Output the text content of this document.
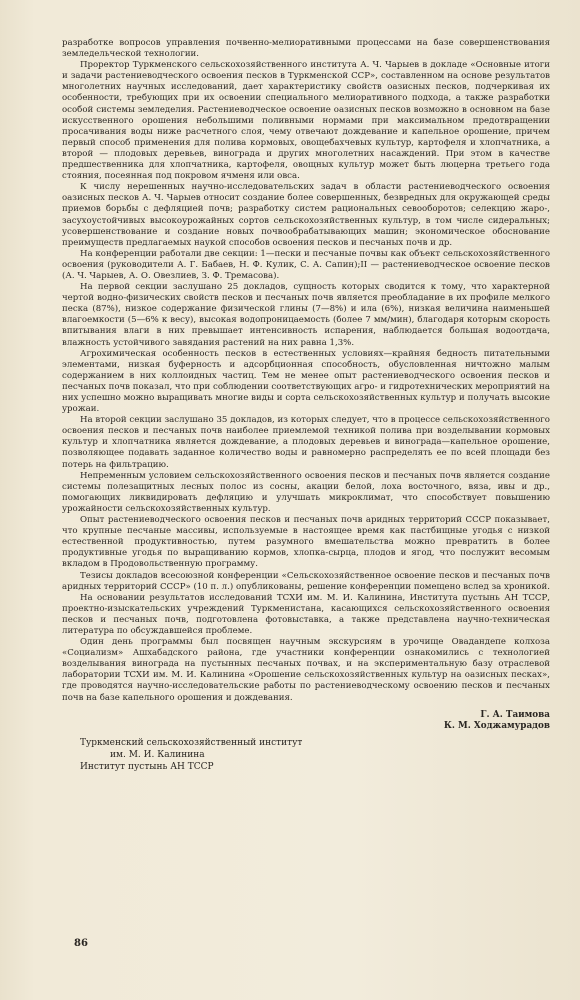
разработке вопросов управления почвенно-мелиоративными процессами на базе совершенствования земледельческой технологии.

Проректор Туркменского сельскохозяйственного института А. Ч. Чарыев в докладе «Основные итоги и задачи растениеводческого освоения песков в Туркменской ССР», составленном на основе результатов многолетних научных исследований, дает характеристику свойств оазисных песков, подчеркивая их особенности, требующих при их освоении специального мелиоративного подхода, а также разработки особой системы земледелия. Растениеводческое освоение оазисных песков возможно в основном на базе искусственного орошения небольшими поливными нормами при максимальном предотвращении просачивания воды ниже расчетного слоя, чему отвечают дождевание и капельное орошение, причем первый способ применения для полива кормовых, овощебахчевых культур, картофеля и хлопчатника, а второй — плодовых деревьев, винограда и других многолетних насаждений. При этом в качестве предшественника для хлопчатника, картофеля, овощных культур может быть люцерна третьего года стояния, посеянная под покровом ячменя или овса.

К числу нерешенных научно-исследовательских задач в области растениеводческого освоения оазисных песков А. Ч. Чарыев относит создание более совершенных, безвредных для окружающей среды приемов борьбы с дефляцией почв; разработку систем рациональных севооборотов; селекцию жаро-, засухоустойчивых высокоурожайных сортов сельскохозяйственных культур, в том числе сидеральных; усовершенствование и создание новых почвообрабатывающих машин; экономическое обоснование преимуществ предлагаемых наукой способов освоения песков и песчаных почв и др.

На конференции работали две секции: 1—пески и песчаные почвы как объект сельскохозяйственного освоения (руководители А. Г. Бабаев, Н. Ф. Кулик, С. А. Сапин);II — растениеводческое освоение песков (А. Ч. Чарыев, А. О. Овезлиев, З. Ф. Тремасова).

На первой секции заслушано 25 докладов, сущность которых сводится к тому, что характерной чертой водно-физических свойств песков и песчаных почв является преобладание в их профиле мелкого песка (87%), низкое содержание физической глины (7—8%) и ила (6%), низкая величина наименьшей влагоемкости (5—6% к весу), высокая водопроницаемость (более 7 мм/мин), благодаря которым скорость впитывания влаги в них превышает интенсивность испарения, наблюдается большая водоотдача, влажность устойчивого завядания растений на них равна 1,3%.

Агрохимическая особенность песков в естественных условиях—крайняя бедность питательными элементами, низкая буферность и адсорбционная способность, обусловленная ничтожно малым содержанием в них коллоидных частиц. Тем не менее опыт растениеводческого освоения песков и песчаных почв показал, что при соблюдении соответствующих агро- и гидротехнических мероприятий на них успешно можно выращивать многие виды и сорта сельскохозяйственных культур и получать высокие урожаи.

На второй секции заслушано 35 докладов, из которых следует, что в процессе сельскохозяйственного освоения песков и песчаных почв наиболее приемлемой техникой полива при возделывании кормовых культур и хлопчатника является дождевание, а плодовых деревьев и винограда—капельное орошение, позволяющее подавать заданное количество воды и равномерно распределять ее по всей площади без потерь на фильтрацию.

Непременным условием сельскохозяйственного освоения песков и песчаных почв является создание системы полезащитных лесных полос из сосны, акации белой, лоха восточного, вяза, ивы и др., помогающих ликвидировать дефляцию и улучшать микроклимат, что способствует повышению урожайности сельскохозяйственных культур.

Опыт растениеводческого освоения песков и песчаных почв аридных территорий СССР показывает, что крупные песчаные массивы, используемые в настоящее время как пастбищные угодья с низкой естественной продуктивностью, путем разумного вмешательства можно превратить в более продуктивные угодья по выращиванию кормов, хлопка-сырца, плодов и ягод, что послужит весомым вкладом в Продовольственную программу.

Тезисы докладов всесоюзной конференции «Сельскохозяйственное освоение песков и песчаных почв аридных территорий СССР» (10 п. л.) опубликованы, решение конференции помещено вслед за хроникой.

На основании результатов исследований ТСХИ им. М. И. Калинина, Института пустынь АН ТССР, проектно-изыскательских учреждений Туркменистана, касающихся сельскохозяйственного освоения песков и песчаных почв, подготовлена фотовыставка, а также представлена научно-техническая литература по обсуждавшейся проблеме.

Один день программы был посвящен научным экскурсиям в урочище Овадандепе колхоза «Социализм» Ашхабадского района, где участники конференции ознакомились с технологией возделывания винограда на пустынных песчаных почвах, и на экспериментальную базу отраслевой лаборатории ТСХИ им. М. И. Калинина «Орошение сельскохозяйственных культур на оазисных песках», где проводятся научно-исследовательские работы по растениеводческому освоению песков и песчаных почв на базе капельного орошения и дождевания.

Г. А. Таимова
К. М. Ходжамурадов
Туркменский сельскохозяйственный институт
им. М. И. Калинина
Институт пустынь АН ТССР
86
